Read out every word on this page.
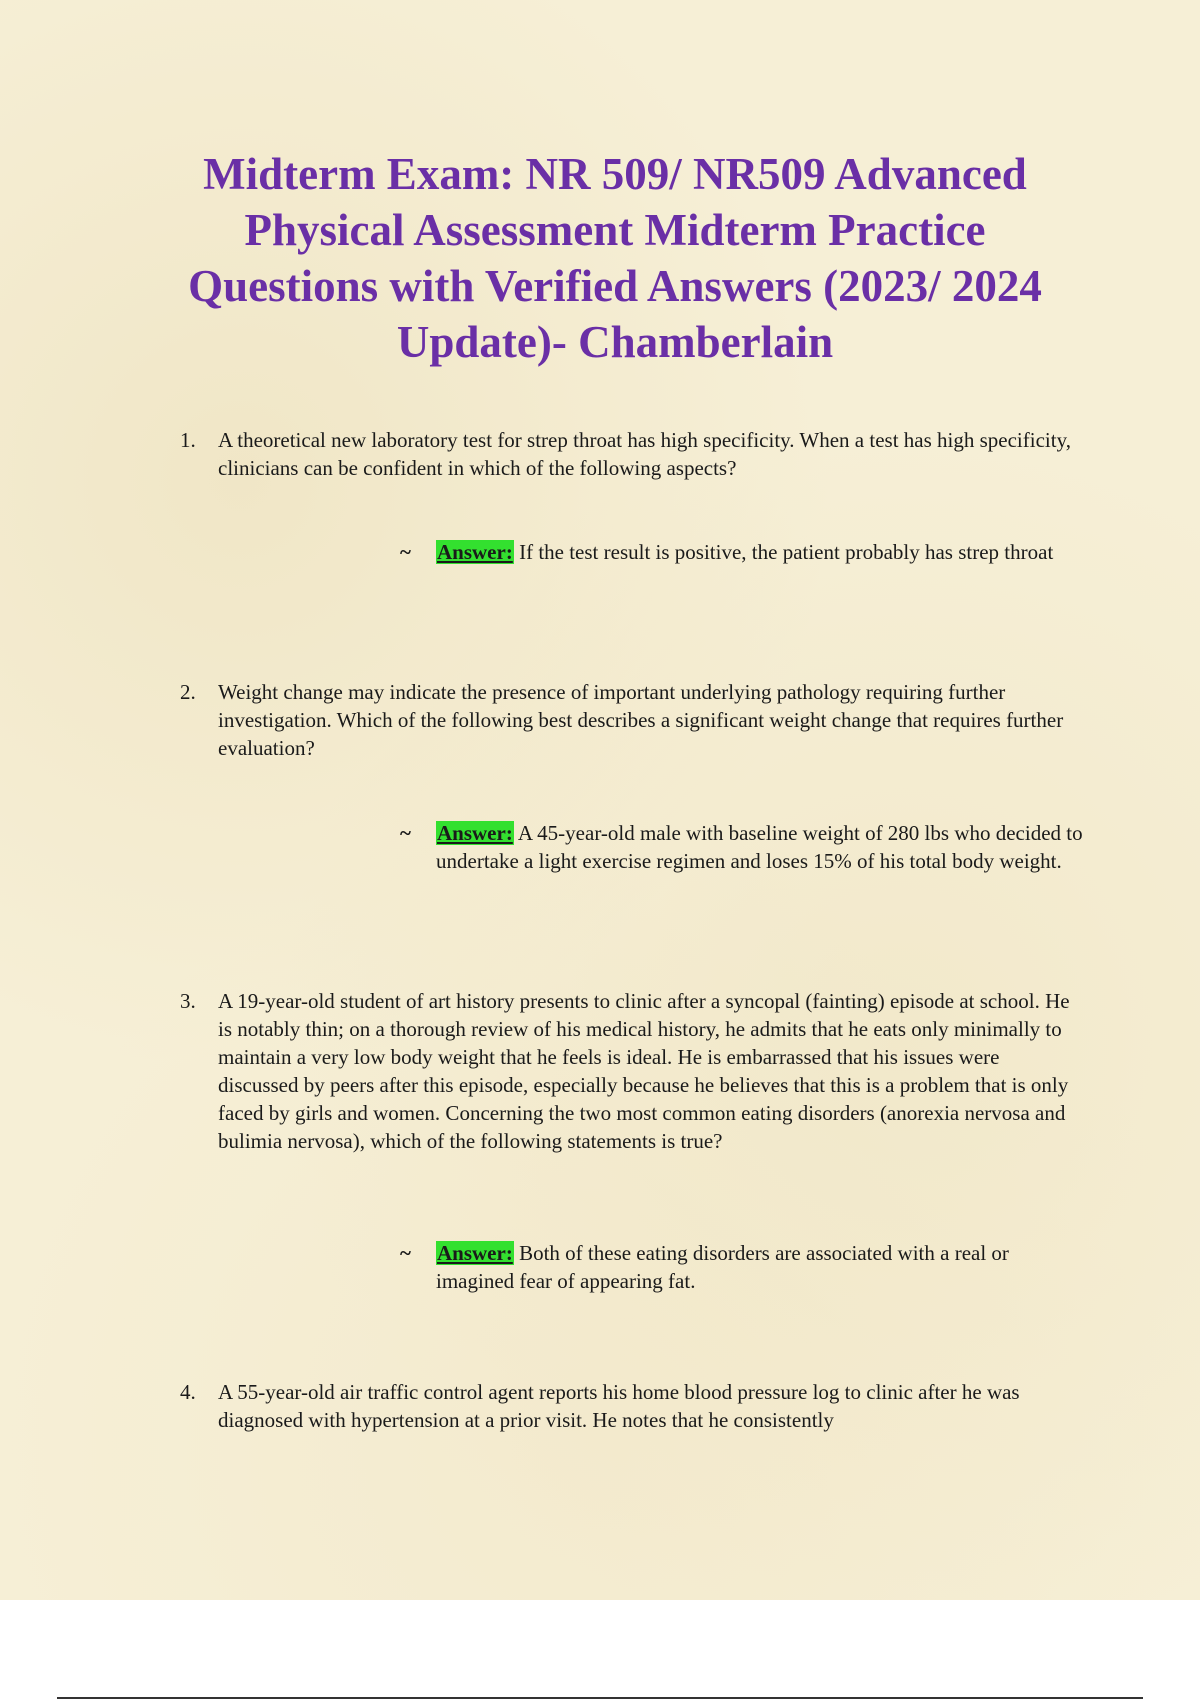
Midterm Exam: NR 509/ NR509 Advanced Physical Assessment Midterm Practice Questions with Verified Answers (2023/ 2024 Update)- Chamberlain
1. A theoretical new laboratory test for strep throat has high specificity. When a test has high specificity, clinicians can be confident in which of the following aspects?
~ Answer: If the test result is positive, the patient probably has strep throat
2. Weight change may indicate the presence of important underlying pathology requiring further investigation. Which of the following best describes a significant weight change that requires further evaluation?
~ Answer: A 45-year-old male with baseline weight of 280 lbs who decided to undertake a light exercise regimen and loses 15% of his total body weight.
3. A 19-year-old student of art history presents to clinic after a syncopal (fainting) episode at school. He is notably thin; on a thorough review of his medical history, he admits that he eats only minimally to maintain a very low body weight that he feels is ideal. He is embarrassed that his issues were discussed by peers after this episode, especially because he believes that this is a problem that is only faced by girls and women. Concerning the two most common eating disorders (anorexia nervosa and bulimia nervosa), which of the following statements is true?
~ Answer: Both of these eating disorders are associated with a real or imagined fear of appearing fat.
4. A 55-year-old air traffic control agent reports his home blood pressure log to clinic after he was diagnosed with hypertension at a prior visit. He notes that he consistently
